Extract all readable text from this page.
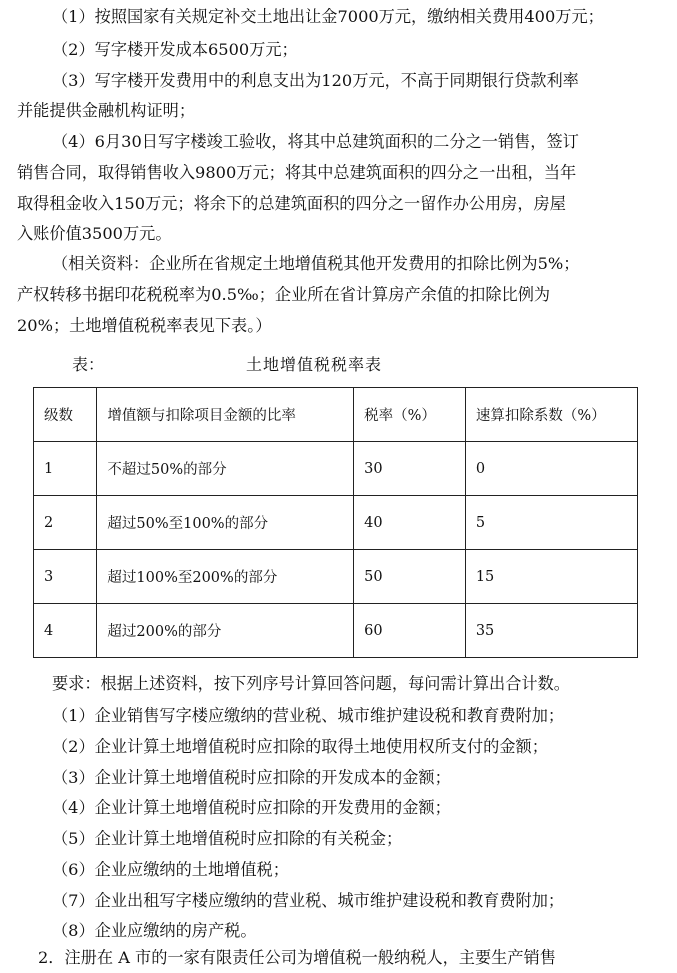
（1）按照国家有关规定补交土地出让金7000万元，缴纳相关费用400万元；
（2）写字楼开发成本6500万元；
（3）写字楼开发费用中的利息支出为120万元，不高于同期银行贷款利率
并能提供金融机构证明；
（4）6月30日写字楼竣工验收，将其中总建筑面积的二分之一销售，签订
销售合同，取得销售收入9800万元；将其中总建筑面积的四分之一出租，当年
取得租金收入150万元；将余下的总建筑面积的四分之一留作办公用房，房屋
入账价值3500万元。
（相关资料：企业所在省规定土地增值税其他开发费用的扣除比例为5%；
产权转移书据印花税税率为0.5‰；企业所在省计算房产余值的扣除比例为
20%；土地增值税税率表见下表。）
表：	土地增值税税率表
级数	增值额与扣除项目金额的比率	税率（%）	速算扣除系数（%）
1	不超过50%的部分	30	0
2	超过50%至100%的部分	40	5
3	超过100%至200%的部分	50	15
4	超过200%的部分	60	35
要求：根据上述资料，按下列序号计算回答问题，每问需计算出合计数。
（1）企业销售写字楼应缴纳的营业税、城市维护建设税和教育费附加；
（2）企业计算土地增值税时应扣除的取得土地使用权所支付的金额；
（3）企业计算土地增值税时应扣除的开发成本的金额；
（4）企业计算土地增值税时应扣除的开发费用的金额；
（5）企业计算土地增值税时应扣除的有关税金；
（6）企业应缴纳的土地增值税；
（7）企业出租写字楼应缴纳的营业税、城市维护建设税和教育费附加；
（8）企业应缴纳的房产税。
2．注册在 A 市的一家有限责任公司为增值税一般纳税人，主要生产销售
